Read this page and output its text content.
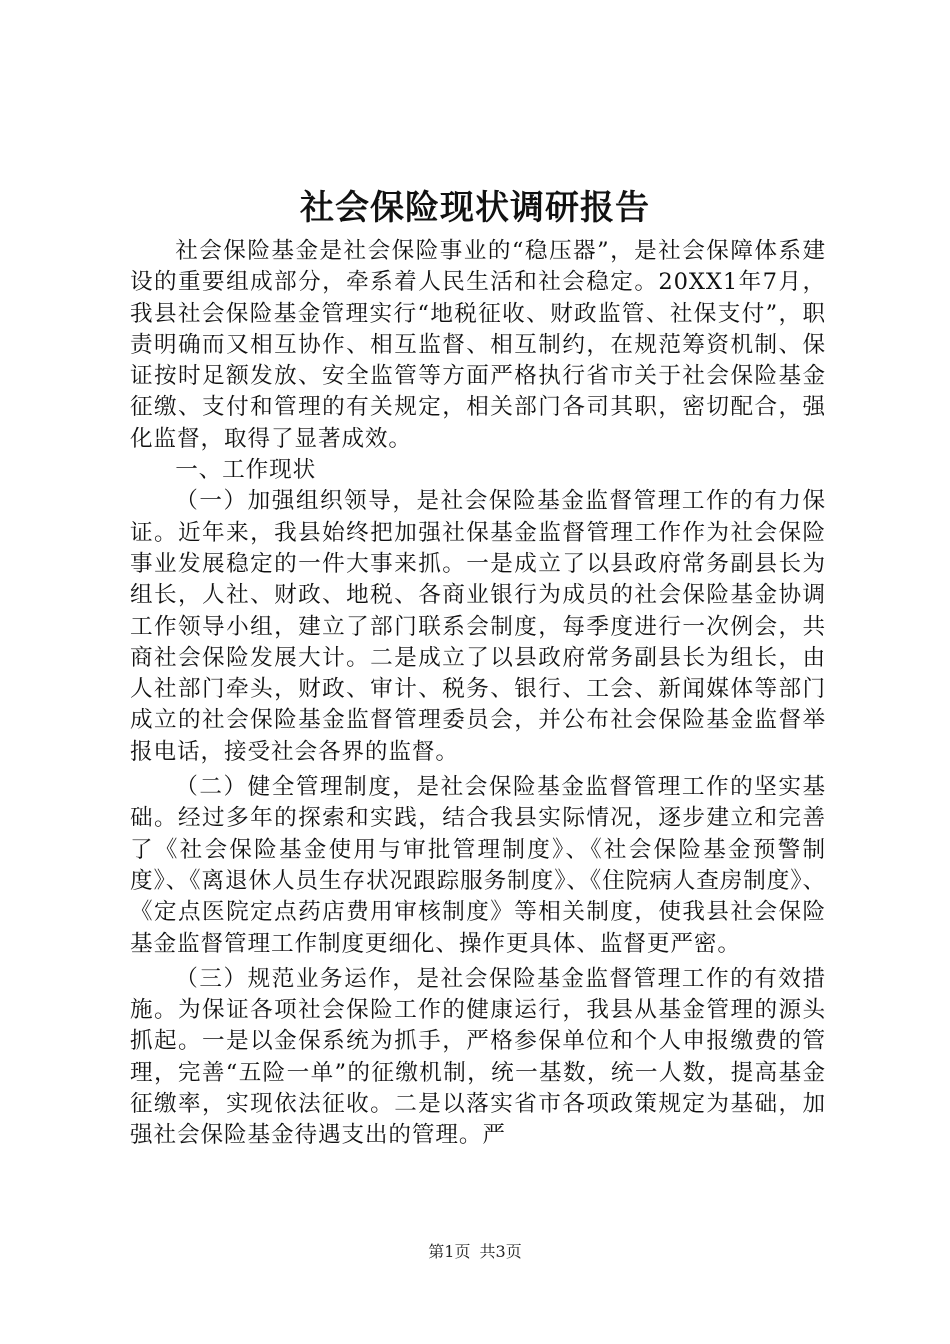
社会保险现状调研报告

社会保险基金是社会保险事业的“稳压器”，是社会保障体系建设的重要组成部分，牵系着人民生活和社会稳定。20XX1年7月，我县社会保险基金管理实行“地税征收、财政监管、社保支付”，职责明确而又相互协作、相互监督、相互制约，在规范筹资机制、保证按时足额发放、安全监管等方面严格执行省市关于社会保险基金征缴、支付和管理的有关规定，相关部门各司其职，密切配合，强化监督，取得了显著成效。

一、工作现状

（一）加强组织领导，是社会保险基金监督管理工作的有力保证。近年来，我县始终把加强社保基金监督管理工作作为社会保险事业发展稳定的一件大事来抓。一是成立了以县政府常务副县长为组长，人社、财政、地税、各商业银行为成员的社会保险基金协调工作领导小组，建立了部门联系会制度，每季度进行一次例会，共商社会保险发展大计。二是成立了以县政府常务副县长为组长，由人社部门牵头，财政、审计、税务、银行、工会、新闻媒体等部门成立的社会保险基金监督管理委员会，并公布社会保险基金监督举报电话，接受社会各界的监督。

（二）健全管理制度，是社会保险基金监督管理工作的坚实基础。经过多年的探索和实践，结合我县实际情况，逐步建立和完善了《社会保险基金使用与审批管理制度》、《社会保险基金预警制度》、《离退休人员生存状况跟踪服务制度》、《住院病人查房制度》、《定点医院定点药店费用审核制度》等相关制度，使我县社会保险基金监督管理工作制度更细化、操作更具体、监督更严密。

（三）规范业务运作，是社会保险基金监督管理工作的有效措施。为保证各项社会保险工作的健康运行，我县从基金管理的源头抓起。一是以金保系统为抓手，严格参保单位和个人申报缴费的管理，完善“五险一单”的征缴机制，统一基数，统一人数，提高基金征缴率，实现依法征收。二是以落实省市各项政策规定为基础，加强社会保险基金待遇支出的管理。严

第1页 共3页
